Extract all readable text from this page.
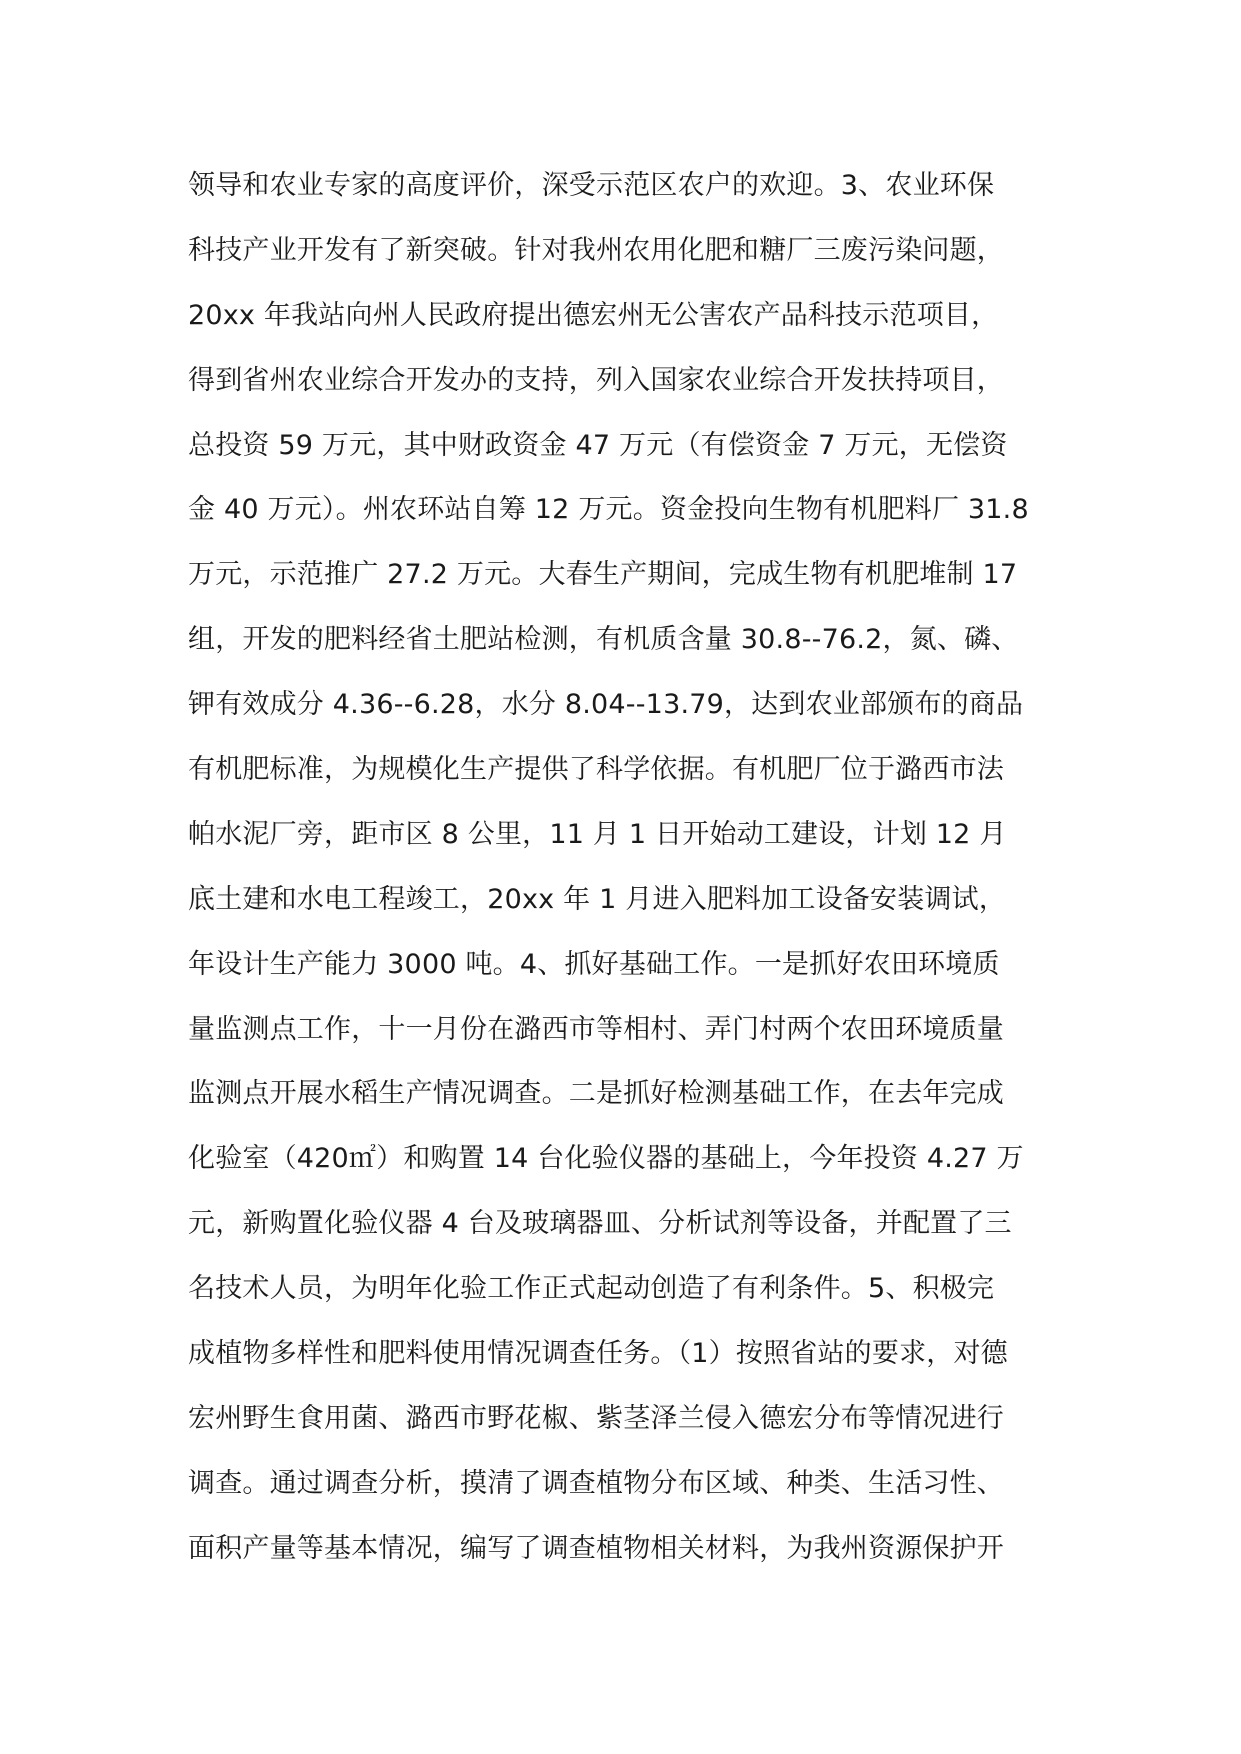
领导和农业专家的高度评价，深受示范区农户的欢迎。3、农业环保
科技产业开发有了新突破。针对我州农用化肥和糖厂三废污染问题，
20xx 年我站向州人民政府提出德宏州无公害农产品科技示范项目，
得到省州农业综合开发办的支持，列入国家农业综合开发扶持项目，
总投资 59 万元，其中财政资金 47 万元（有偿资金 7 万元，无偿资
金 40 万元）。州农环站自筹 12 万元。资金投向生物有机肥料厂 31.8
万元，示范推广 27.2 万元。大春生产期间，完成生物有机肥堆制 17
组，开发的肥料经省土肥站检测，有机质含量 30.8--76.2，氮、磷、
钾有效成分 4.36--6.28，水分 8.04--13.79，达到农业部颁布的商品
有机肥标准，为规模化生产提供了科学依据。有机肥厂位于潞西市法
帕水泥厂旁，距市区 8 公里，11 月 1 日开始动工建设，计划 12 月
底土建和水电工程竣工，20xx 年 1 月进入肥料加工设备安装调试，
年设计生产能力 3000 吨。4、抓好基础工作。一是抓好农田环境质
量监测点工作，十一月份在潞西市等相村、弄门村两个农田环境质量
监测点开展水稻生产情况调查。二是抓好检测基础工作，在去年完成
化验室（420㎡）和购置 14 台化验仪器的基础上，今年投资 4.27 万
元，新购置化验仪器 4 台及玻璃器皿、分析试剂等设备，并配置了三
名技术人员，为明年化验工作正式起动创造了有利条件。5、积极完
成植物多样性和肥料使用情况调查任务。（1）按照省站的要求，对德
宏州野生食用菌、潞西市野花椒、紫茎泽兰侵入德宏分布等情况进行
调查。通过调查分析，摸清了调查植物分布区域、种类、生活习性、
面积产量等基本情况，编写了调查植物相关材料，为我州资源保护开
